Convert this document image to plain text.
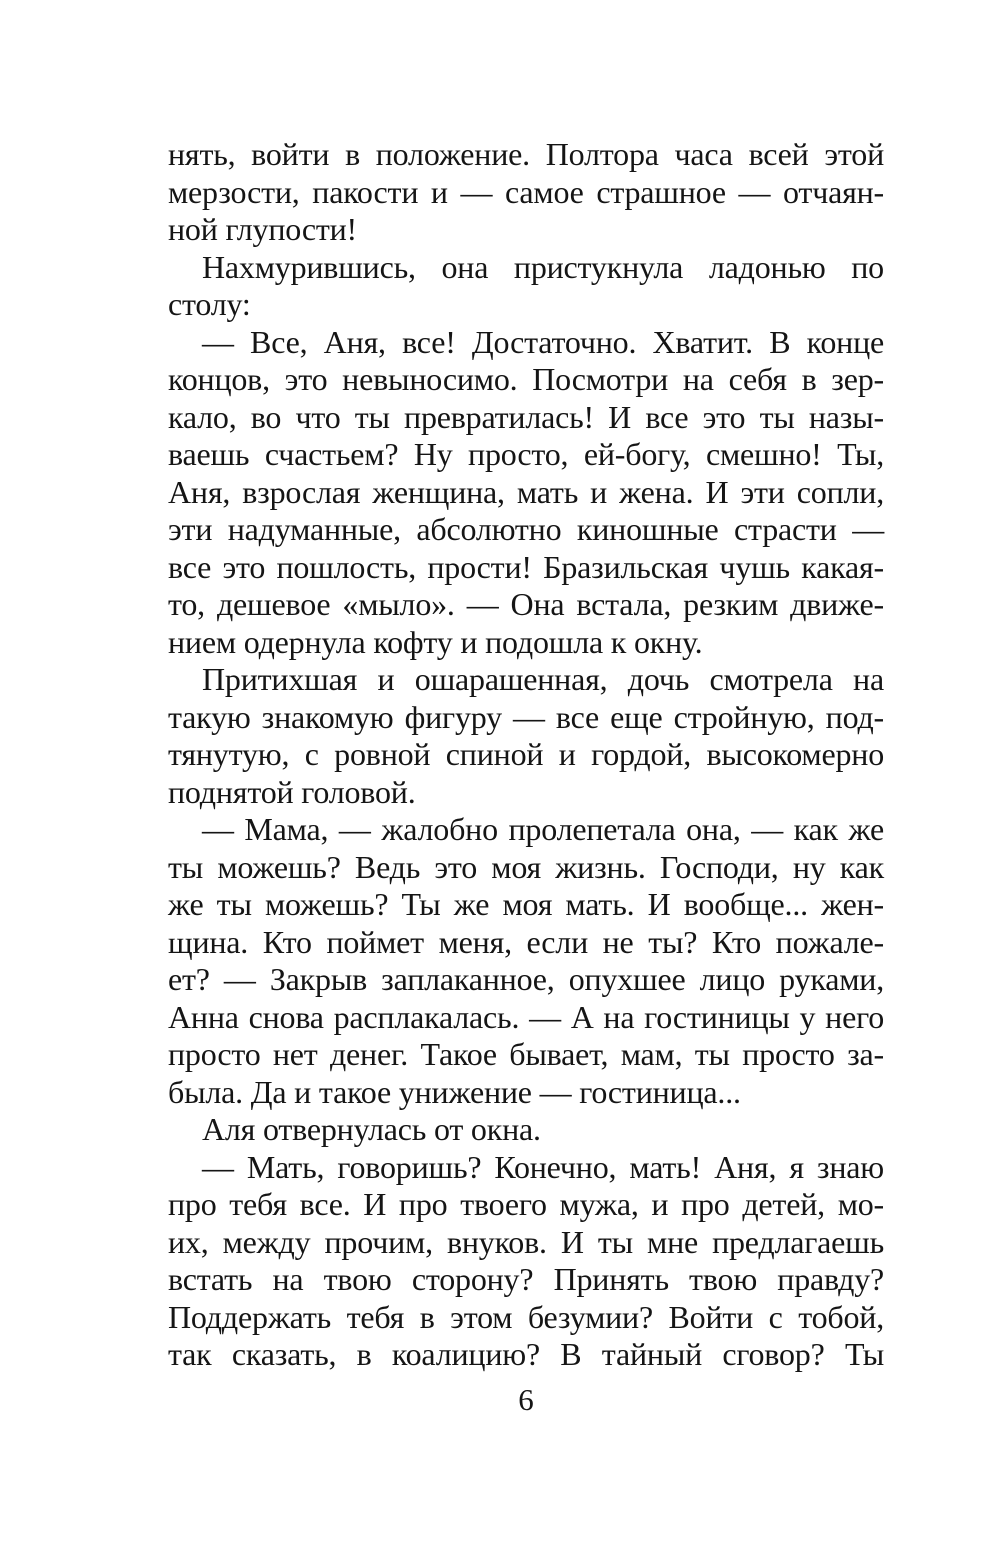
нять, войти в положение. Полтора часа всей этой
мерзости, пакости и — самое страшное — отчаян-
ной глупости!
Нахмурившись, она пристукнула ладонью по
столу:
— Все, Аня, все! Достаточно. Хватит. В конце
концов, это невыносимо. Посмотри на себя в зер-
кало, во что ты превратилась! И все это ты назы-
ваешь счастьем? Ну просто, ей-богу, смешно! Ты,
Аня, взрослая женщина, мать и жена. И эти сопли,
эти надуманные, абсолютно киношные страсти —
все это пошлость, прости! Бразильская чушь какая-
то, дешевое «мыло». — Она встала, резким движе-
нием одернула кофту и подошла к окну.
Притихшая и ошарашенная, дочь смотрела на
такую знакомую фигуру — все еще стройную, под-
тянутую, с ровной спиной и гордой, высокомерно
поднятой головой.
— Мама, — жалобно пролепетала она, — как же
ты можешь? Ведь это моя жизнь. Господи, ну как
же ты можешь? Ты же моя мать. И вообще... жен-
щина. Кто поймет меня, если не ты? Кто пожале-
ет? — Закрыв заплаканное, опухшее лицо руками,
Анна снова расплакалась. — А на гостиницы у него
просто нет денег. Такое бывает, мам, ты просто за-
была. Да и такое унижение — гостиница...
Аля отвернулась от окна.
— Мать, говоришь? Конечно, мать! Аня, я знаю
про тебя все. И про твоего мужа, и про детей, мо-
их, между прочим, внуков. И ты мне предлагаешь
встать на твою сторону? Принять твою правду?
Поддержать тебя в этом безумии? Войти с тобой,
так сказать, в коалицию? В тайный сговор? Ты
6
